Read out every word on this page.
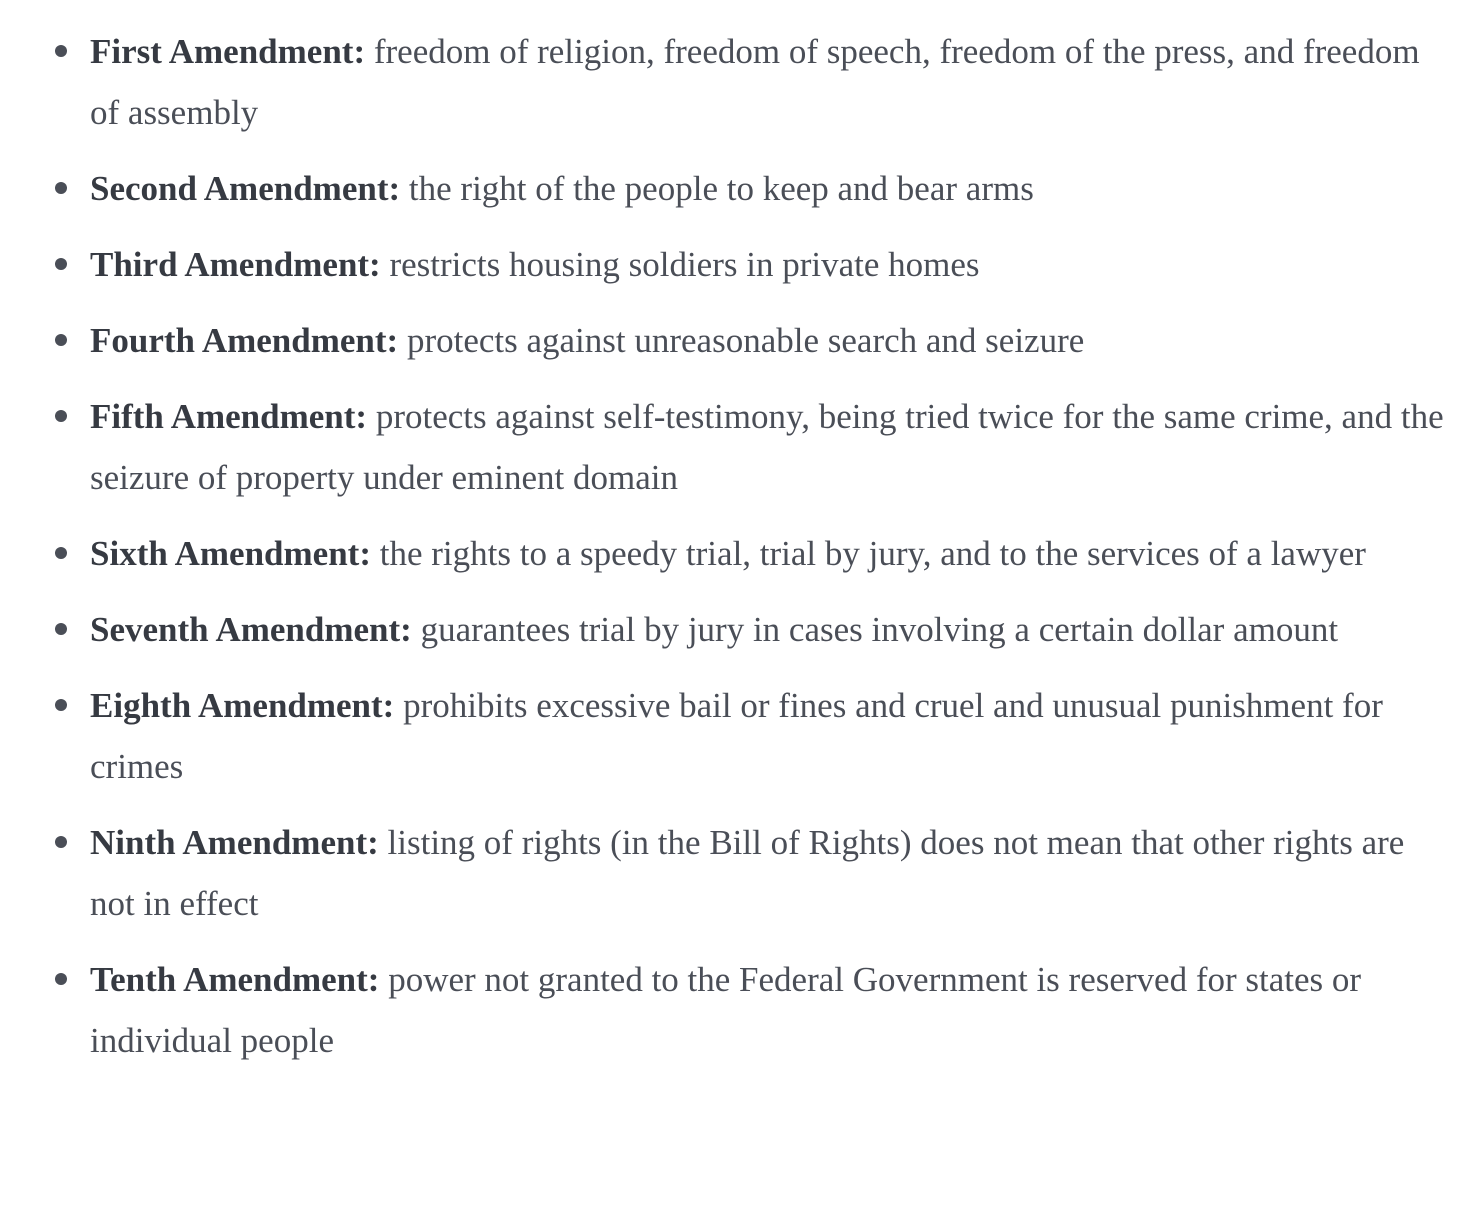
First Amendment: freedom of religion, freedom of speech, freedom of the press, and freedom of assembly
Second Amendment: the right of the people to keep and bear arms
Third Amendment: restricts housing soldiers in private homes
Fourth Amendment: protects against unreasonable search and seizure
Fifth Amendment: protects against self-testimony, being tried twice for the same crime, and the seizure of property under eminent domain
Sixth Amendment: the rights to a speedy trial, trial by jury, and to the services of a lawyer
Seventh Amendment: guarantees trial by jury in cases involving a certain dollar amount
Eighth Amendment: prohibits excessive bail or fines and cruel and unusual punishment for crimes
Ninth Amendment: listing of rights (in the Bill of Rights) does not mean that other rights are not in effect
Tenth Amendment: power not granted to the Federal Government is reserved for states or individual people
